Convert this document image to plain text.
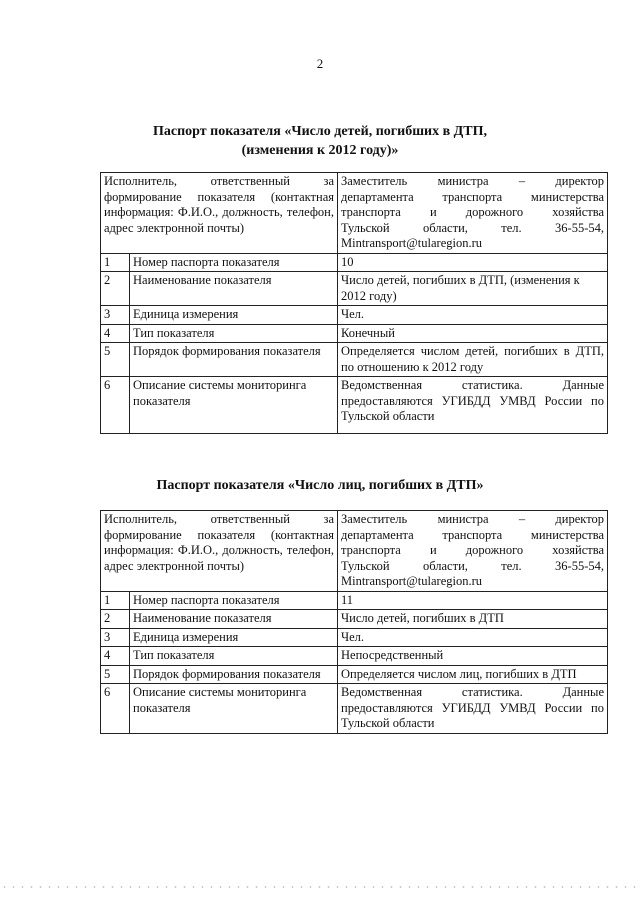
2
Паспорт показателя «Число детей, погибших в ДТП,
(изменения к 2012 году)»
Исполнитель, ответственный за формирование показателя (контактная информация: Ф.И.О., должность, телефон, адрес электронной почты)		Заместитель министра – директор
департамента транспорта министерства
транспорта и дорожного хозяйства
Тульской области, тел. 36-55-54,
Mintransport@tularegion.ru

1	Номер паспорта показателя	10
2	Наименование показателя	Число детей, погибших в ДТП, (изменения к 2012 году)
3	Единица измерения	Чел.
4	Тип показателя	Конечный
5	Порядок формирования показателя	Определяется числом детей, погибших в ДТП, по отношению к 2012 году
6	Описание системы мониторинга показателя	Ведомственная статистика. Данные предоставляются УГИБДД УМВД России по Тульской области
Паспорт показателя «Число лиц, погибших в ДТП»
Исполнитель, ответственный за формирование показателя (контактная информация: Ф.И.О., должность, телефон, адрес электронной почты)		Заместитель министра – директор
департамента транспорта министерства
транспорта и дорожного хозяйства
Тульской области, тел. 36-55-54,
Mintransport@tularegion.ru

1	Номер паспорта показателя	11
2	Наименование показателя	Число детей, погибших в ДТП
3	Единица измерения	Чел.
4	Тип показателя	Непосредственный
5	Порядок формирования показателя	Определяется числом лиц, погибших в ДТП
6	Описание системы мониторинга показателя	Ведомственная статистика. Данные предоставляются УГИБДД УМВД России по Тульской области
